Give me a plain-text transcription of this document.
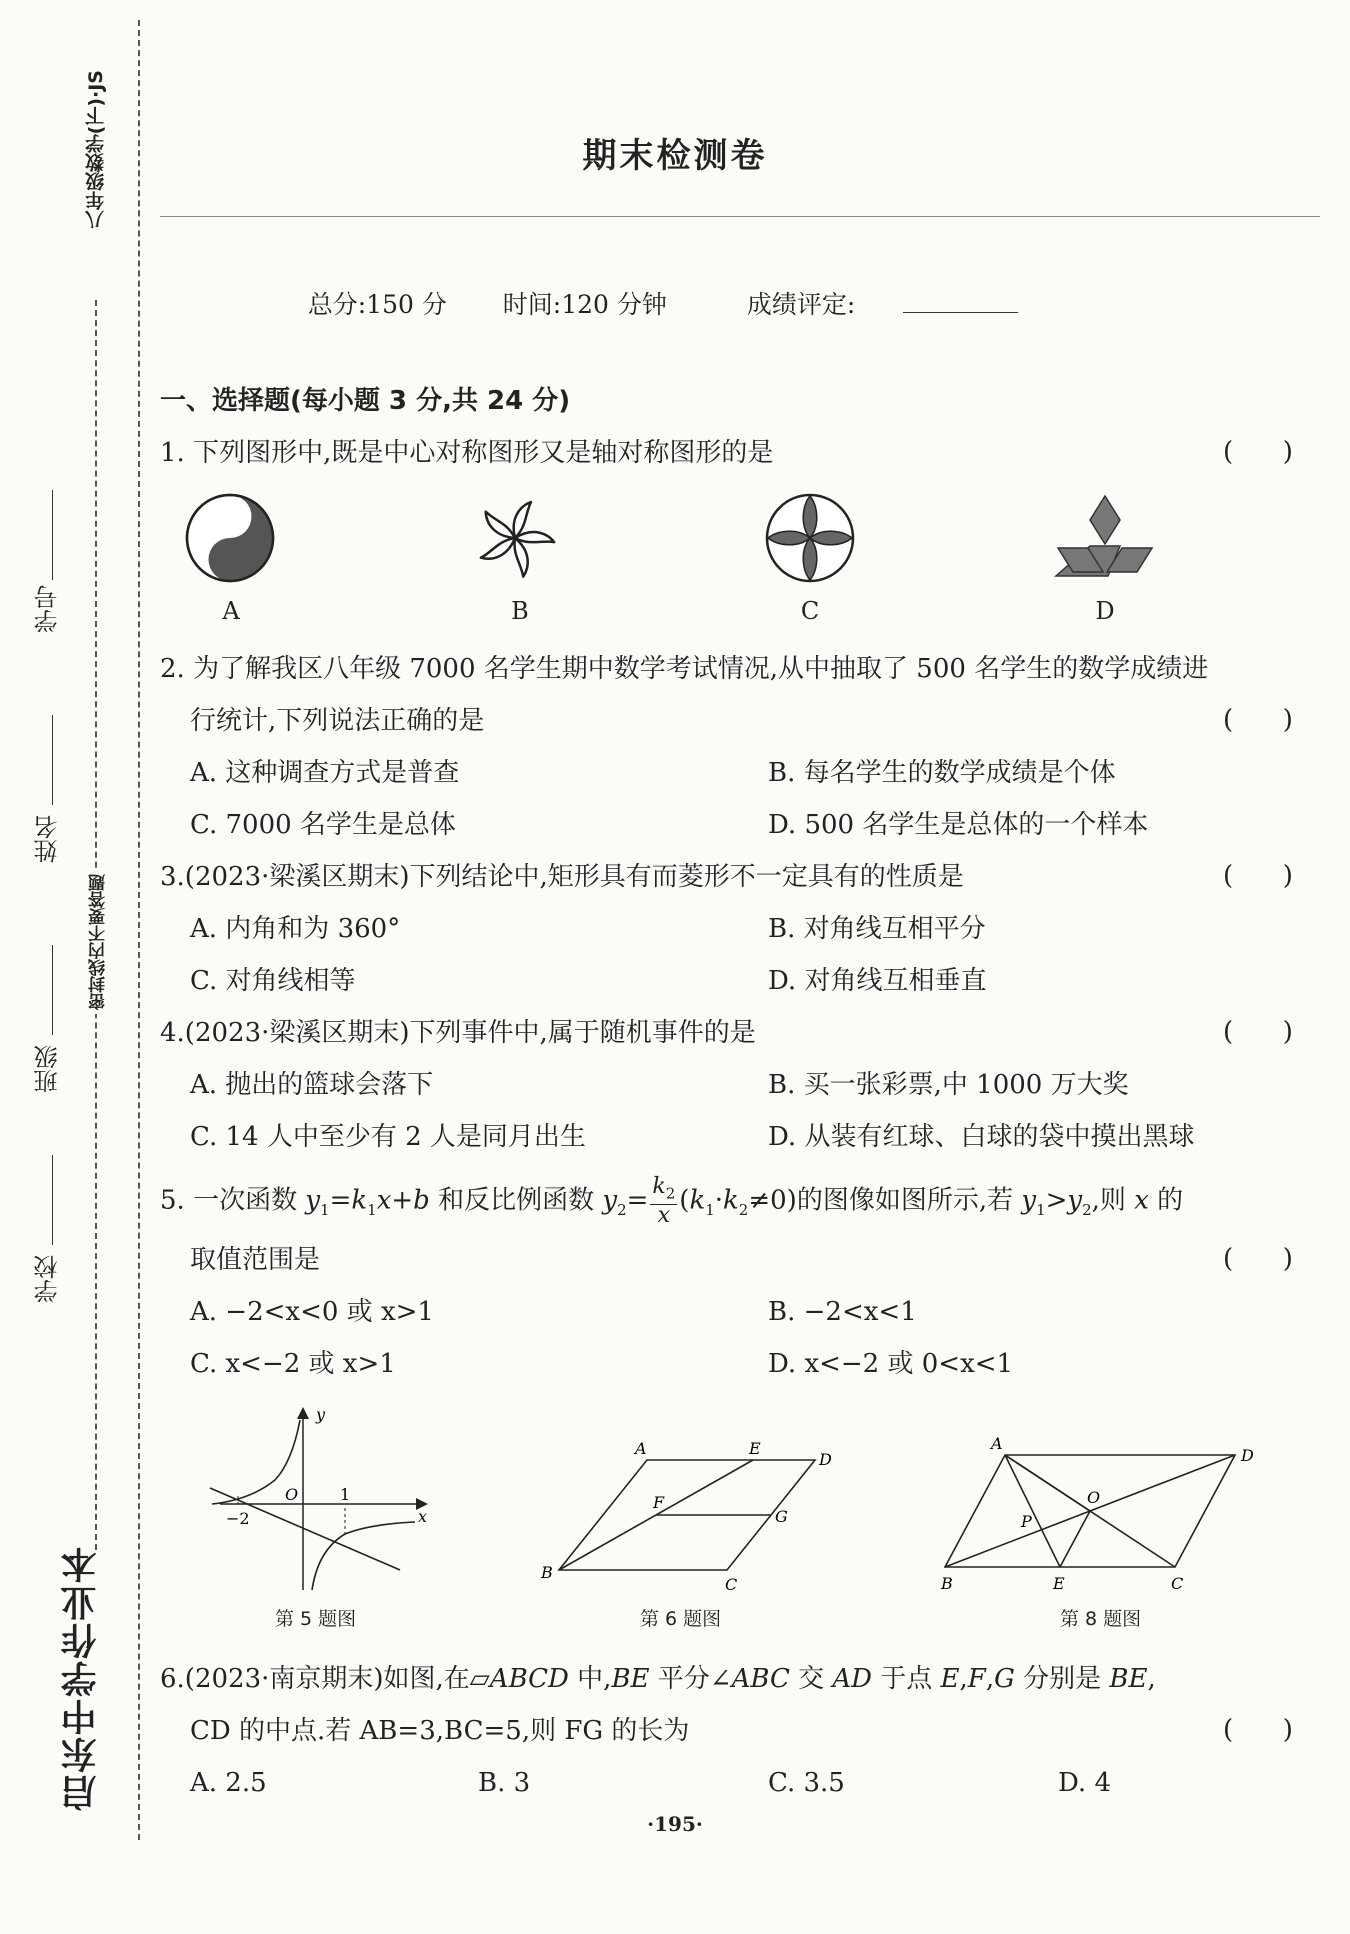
八年级数学(下)·JS
密封线内不要答题
学号
姓名
班级
学校
启东中学作业本
期末检测卷
总分:150 分 时间:120 分钟	成绩评定:
一、选择题(每小题 3 分,共 24 分)
1. 下列图形中,既是中心对称图形又是轴对称图形的是	(      )
A	B	C	D
2. 为了解我区八年级 7000 名学生期中数学考试情况,从中抽取了 500 名学生的数学成绩进
行统计,下列说法正确的是	(      )
A. 这种调查方式是普查	B. 每名学生的数学成绩是个体
C. 7000 名学生是总体	D. 500 名学生是总体的一个样本
3.(2023·梁溪区期末)下列结论中,矩形具有而菱形不一定具有的性质是	(      )
A. 内角和为 360°	B. 对角线互相平分
C. 对角线相等	D. 对角线互相垂直
4.(2023·梁溪区期末)下列事件中,属于随机事件的是	(      )
A. 抛出的篮球会落下	B. 买一张彩票,中 1000 万大奖
C. 14 人中至少有 2 人是同月出生	D. 从装有红球、白球的袋中摸出黑球
5. 一次函数 $y_1=k_1x+b$ 和反比例函数 $y_2= \frac{k_2}{x} (k_1\cdot k_2\ne 0)$的图像如图所示,若 $y_1>y_2$,则 x 的
取值范围是	(      )
A. −2<x<0 或 x>1	B. −2<x<1
C. x<−2 或 x>1	D. x<−2 或 0<x<1
y
O	1
−2	x
第 5 题图
A	E
D
F
G
B
C
第 6 题图
A
D
O
P
B	E	C
第 8 题图
6.(2023·南京期末)如图,在▱ABCD 中,BE 平分∠ABC 交 AD 于点 E,F,G 分别是 BE,
CD 的中点.若 AB=3,BC=5,则 FG 的长为	(      )
A. 2.5	B. 3	C. 3.5	D. 4
·195·
